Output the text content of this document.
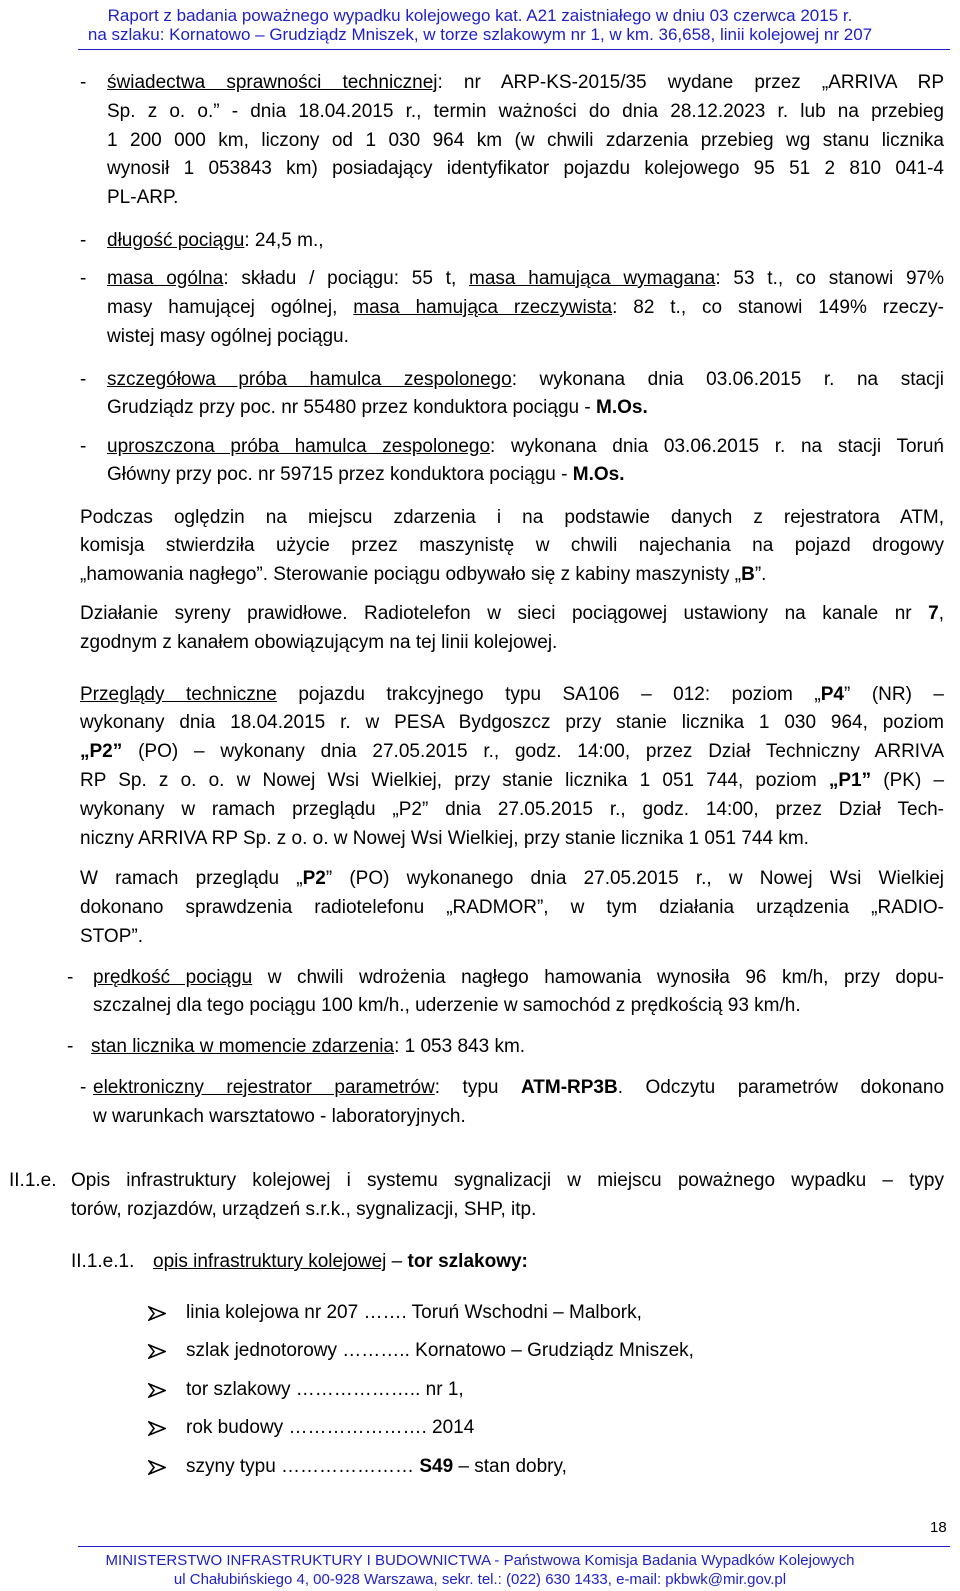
Raport z badania poważnego wypadku kolejowego kat. A21 zaistniałego w dniu 03 czerwca 2015 r.
na szlaku: Kornatowo – Grudziądz Mniszek, w torze szlakowym nr 1, w km. 36,658, linii kolejowej nr 207
- świadectwa sprawności technicznej: nr ARP-KS-2015/35 wydane przez „ARRIVA RP
Sp. z o. o.” - dnia 18.04.2015 r., termin ważności do dnia 28.12.2023 r. lub na przebieg
1 200 000 km, liczony od 1 030 964 km (w chwili zdarzenia przebieg wg stanu licznika
wynosił 1 053843 km) posiadający identyfikator pojazdu kolejowego 95 51 2 810 041-4
PL-ARP.
- długość pociągu: 24,5 m.,
- masa ogólna: składu / pociągu: 55 t, masa hamująca wymagana: 53 t., co stanowi 97%
masy hamującej ogólnej, masa hamująca rzeczywista: 82 t., co stanowi 149% rzeczy-
wistej masy ogólnej pociągu.
- szczegółowa próba hamulca zespolonego: wykonana dnia 03.06.2015 r. na stacji
Grudziądz przy poc. nr 55480 przez konduktora pociągu - M.Os.
- uproszczona próba hamulca zespolonego: wykonana dnia 03.06.2015 r. na stacji Toruń
Główny przy poc. nr 59715 przez konduktora pociągu - M.Os.
Podczas oględzin na miejscu zdarzenia i na podstawie danych z rejestratora ATM,
komisja stwierdziła użycie przez maszynistę w chwili najechania na pojazd drogowy
„hamowania nagłego”. Sterowanie pociągu odbywało się z kabiny maszynisty „B”.
Działanie syreny prawidłowe. Radiotelefon w sieci pociągowej ustawiony na kanale nr 7,
zgodnym z kanałem obowiązującym na tej linii kolejowej.
Przeglądy techniczne pojazdu trakcyjnego typu SA106 – 012: poziom „P4” (NR) –
wykonany dnia 18.04.2015 r. w PESA Bydgoszcz przy stanie licznika 1 030 964, poziom
„P2” (PO) – wykonany dnia 27.05.2015 r., godz. 14:00, przez Dział Techniczny ARRIVA
RP Sp. z o. o. w Nowej Wsi Wielkiej, przy stanie licznika 1 051 744, poziom „P1” (PK) –
wykonany w ramach przeglądu „P2” dnia 27.05.2015 r., godz. 14:00, przez Dział Tech-
niczny ARRIVA RP Sp. z o. o. w Nowej Wsi Wielkiej, przy stanie licznika 1 051 744 km.
W ramach przeglądu „P2” (PO) wykonanego dnia 27.05.2015 r., w Nowej Wsi Wielkiej
dokonano sprawdzenia radiotelefonu „RADMOR”, w tym działania urządzenia „RADIO-
STOP”.
- prędkość pociągu w chwili wdrożenia nagłego hamowania wynosiła 96 km/h, przy dopu-
szczalnej dla tego pociągu 100 km/h., uderzenie w samochód z prędkością 93 km/h.
- stan licznika w momencie zdarzenia: 1 053 843 km.
- elektroniczny rejestrator parametrów: typu ATM-RP3B. Odczytu parametrów dokonano
w warunkach warsztatowo - laboratoryjnych.
II.1.e. Opis infrastruktury kolejowej i systemu sygnalizacji w miejscu poważnego wypadku – typy
torów, rozjazdów, urządzeń s.r.k., sygnalizacji, SHP, itp.
II.1.e.1. opis infrastruktury kolejowej – tor szlakowy:
linia kolejowa nr 207 ……. Toruń Wschodni – Malbork,
szlak jednotorowy ……….. Kornatowo – Grudziądz Mniszek,
tor szlakowy ……………….. nr 1,
rok budowy …………………. 2014
szyny typu ………………… S49 – stan dobry,
18
MINISTERSTWO INFRASTRUKTURY I BUDOWNICTWA - Państwowa Komisja Badania Wypadków Kolejowych
ul Chałubińskiego 4, 00-928 Warszawa, sekr. tel.: (022) 630 1433, e-mail: pkbwk@mir.gov.pl
